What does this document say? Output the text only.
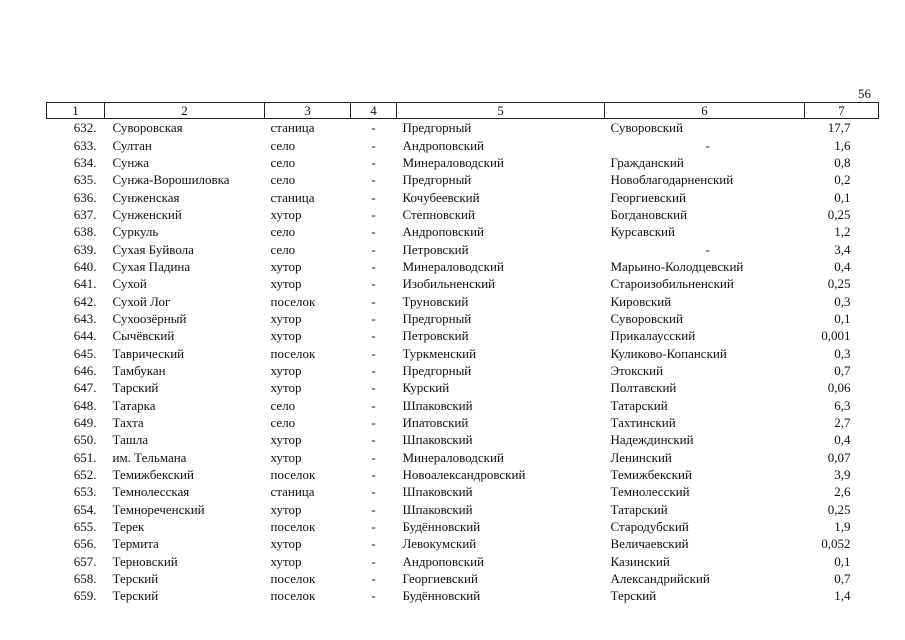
56
1	2	3	4	5	6	7
632.	Суворовская	станица	-	Предгорный	Суворовский	17,7
633.	Султан	село	-	Андроповский	-	1,6
634.	Сунжа	село	-	Минераловодский	Гражданский	0,8
635.	Сунжа-Ворошиловка	село	-	Предгорный	Новоблагодарненский	0,2
636.	Сунженская	станица	-	Кочубеевский	Георгиевский	0,1
637.	Сунженский	хутор	-	Степновский	Богдановский	0,25
638.	Суркуль	село	-	Андроповский	Курсавский	1,2
639.	Сухая Буйвола	село	-	Петровский	-	3,4
640.	Сухая Падина	хутор	-	Минераловодский	Марьино-Колодцевский	0,4
641.	Сухой	хутор	-	Изобильненский	Староизобильненский	0,25
642.	Сухой Лог	поселок	-	Труновский	Кировский	0,3
643.	Сухоозёрный	хутор	-	Предгорный	Суворовский	0,1
644.	Сычёвский	хутор	-	Петровский	Прикалаусский	0,001
645.	Таврический	поселок	-	Туркменский	Куликово-Копанский	0,3
646.	Тамбукан	хутор	-	Предгорный	Этокский	0,7
647.	Тарский	хутор	-	Курский	Полтавский	0,06
648.	Татарка	село	-	Шпаковский	Татарский	6,3
649.	Тахта	село	-	Ипатовский	Тахтинский	2,7
650.	Ташла	хутор	-	Шпаковский	Надеждинский	0,4
651.	им. Тельмана	хутор	-	Минераловодский	Ленинский	0,07
652.	Темижбекский	поселок	-	Новоалександровский	Темижбекский	3,9
653.	Темнолесская	станица	-	Шпаковский	Темнолесский	2,6
654.	Темнореченский	хутор	-	Шпаковский	Татарский	0,25
655.	Терек	поселок	-	Будённовский	Стародубский	1,9
656.	Термита	хутор	-	Левокумский	Величаевский	0,052
657.	Терновский	хутор	-	Андроповский	Казинский	0,1
658.	Терский	поселок	-	Георгиевский	Александрийский	0,7
659.	Терский	поселок	-	Будённовский	Терский	1,4
